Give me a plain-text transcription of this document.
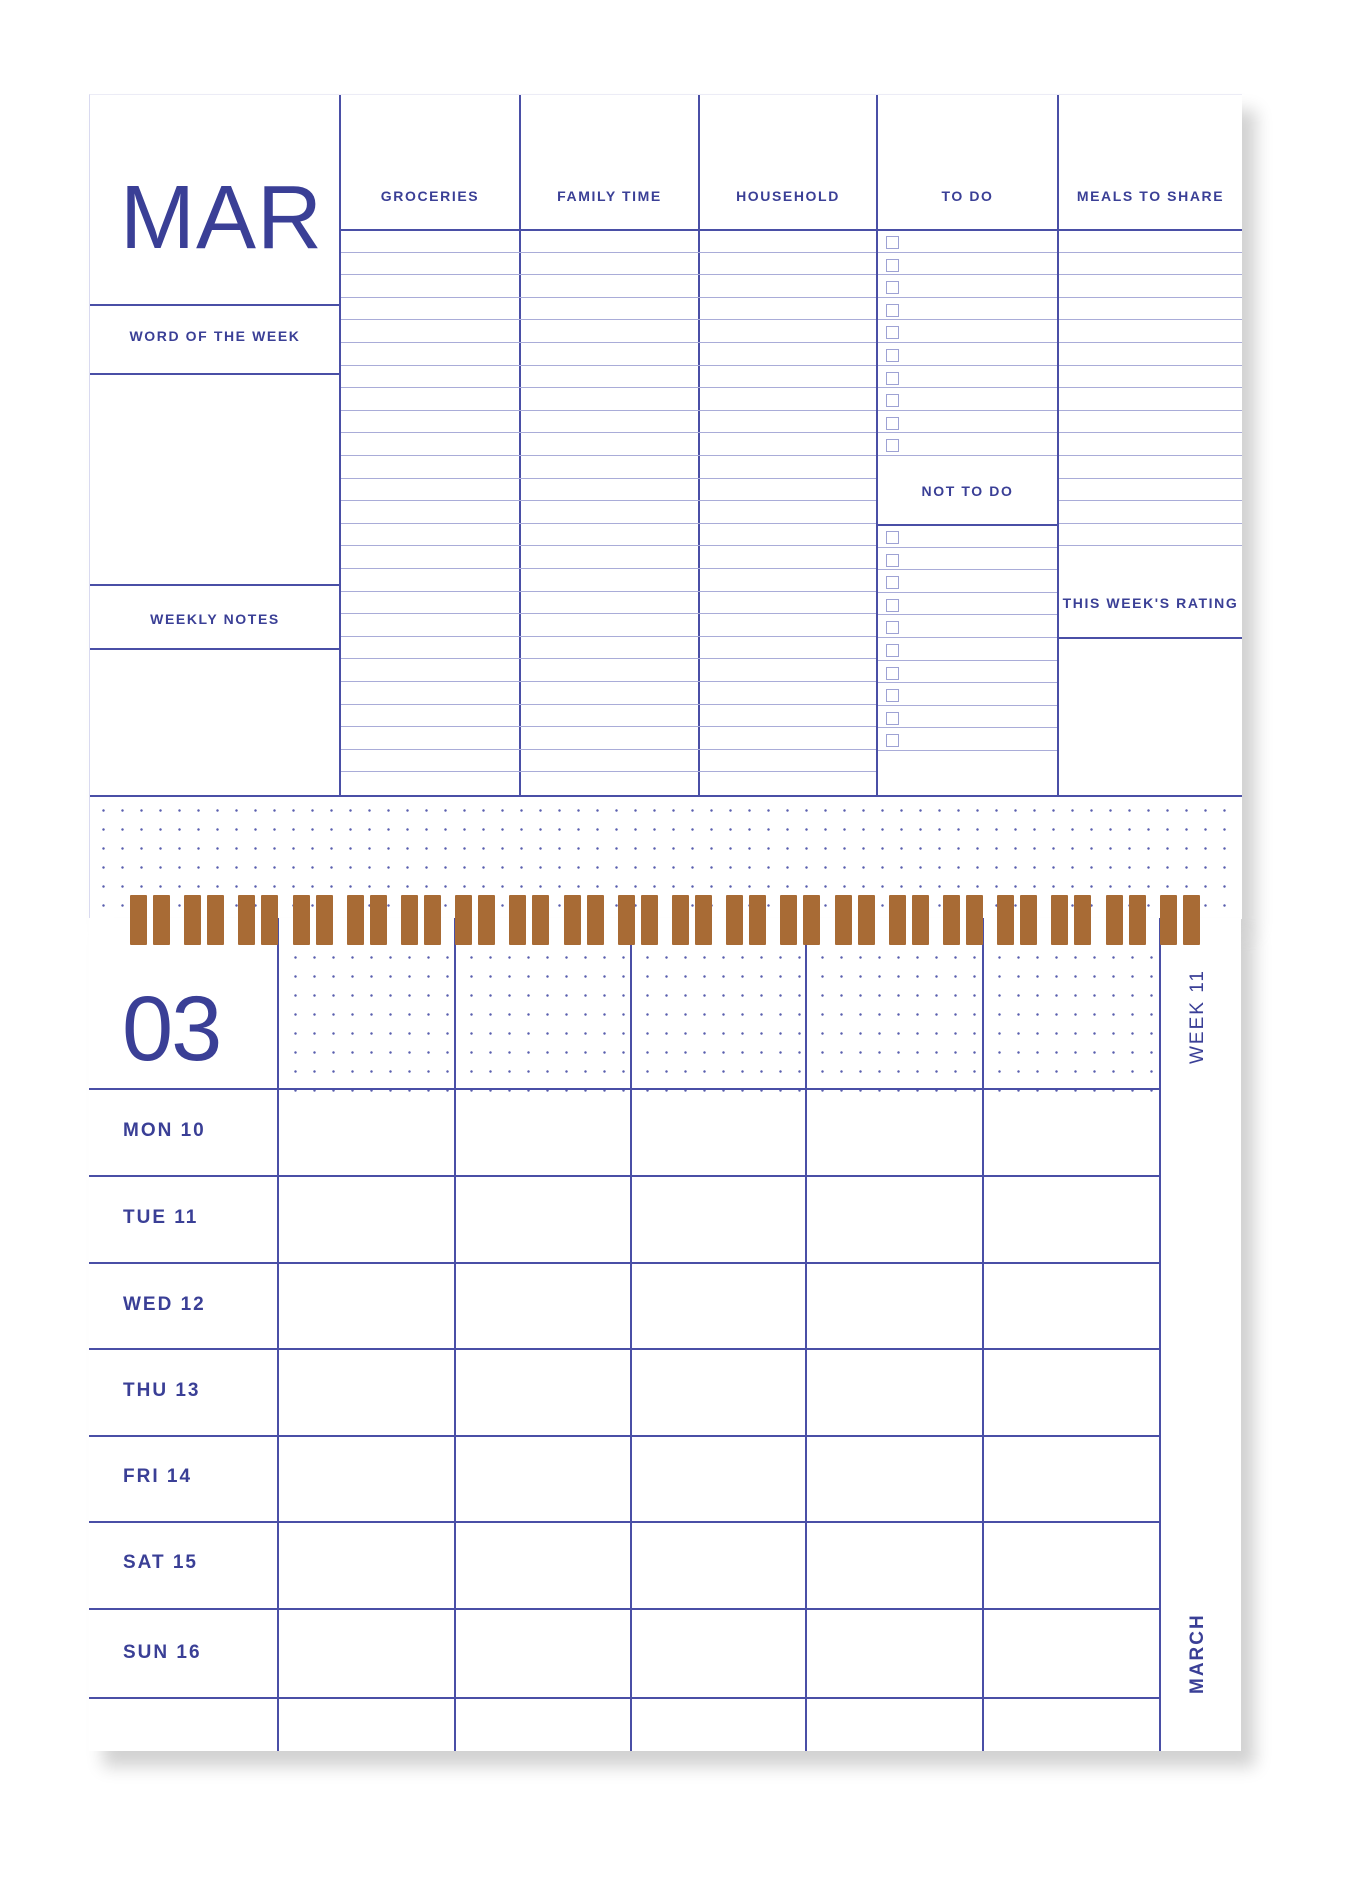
MAR
WORD OF THE WEEK
WEEKLY NOTES
GROCERIES	FAMILY TIME	HOUSEHOLD	TO DO	MEALS TO SHARE
NOT TO DO
THIS WEEK'S RATING
03
MON 10
TUE 11
WED 12
THU 13
FRI 14
SAT 15
SUN 16
WEEK 11
MARCH
